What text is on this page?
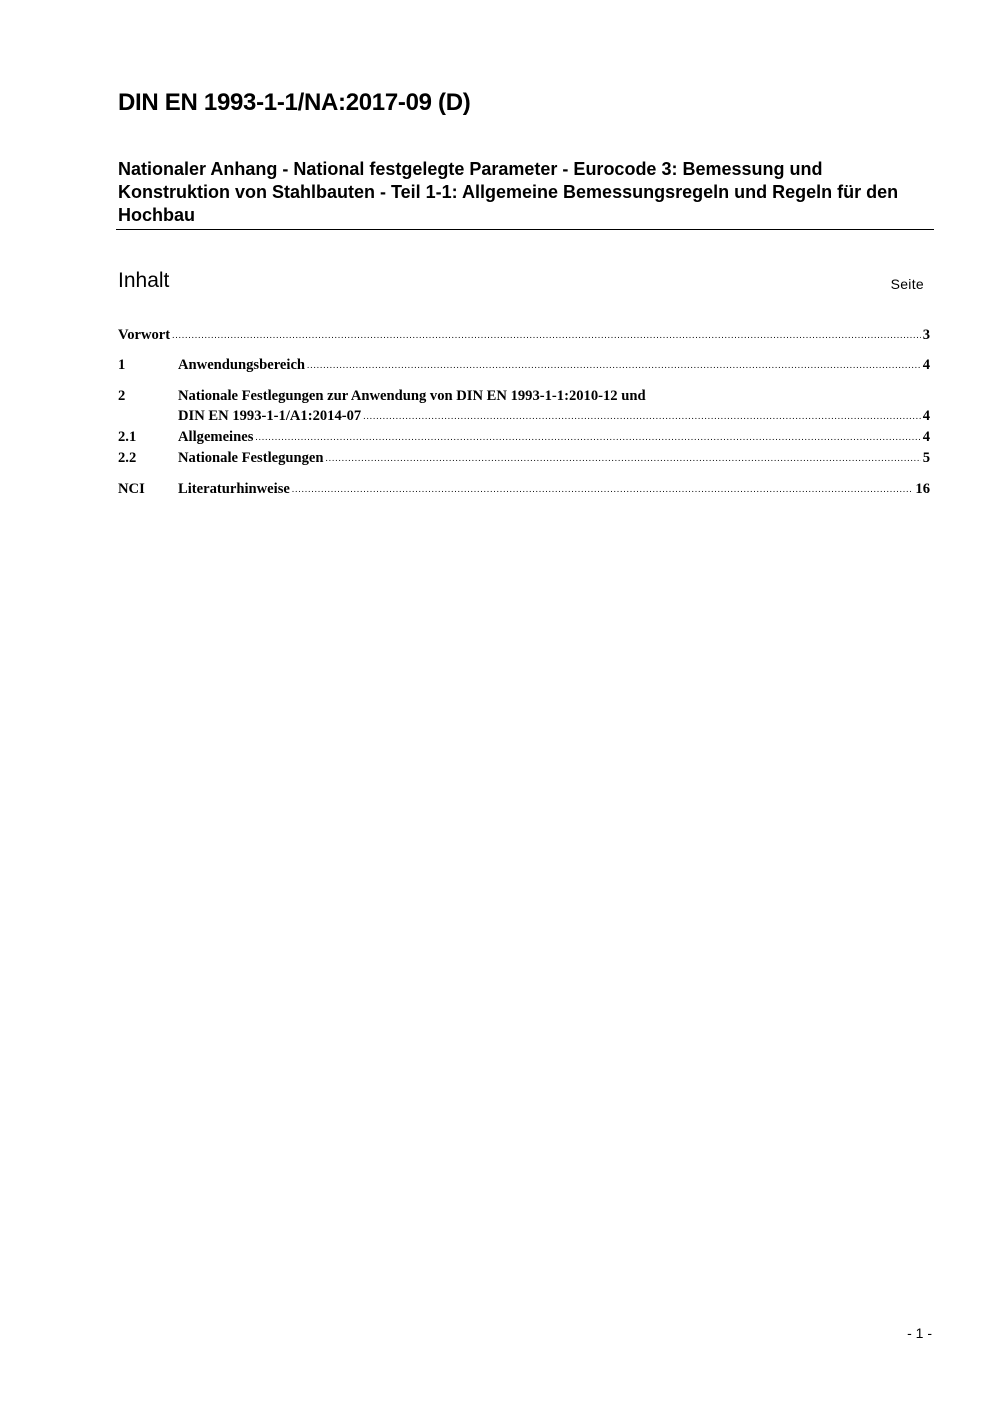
DIN EN 1993-1-1/NA:2017-09 (D)
Nationaler Anhang - National festgelegte Parameter - Eurocode 3: Bemessung und Konstruktion von Stahlbauten - Teil 1-1: Allgemeine Bemessungsregeln und Regeln für den Hochbau
Inhalt	Seite
Vorwort .....	3
1	Anwendungsbereich .....	4
2	Nationale Festlegungen zur Anwendung von DIN EN 1993-1-1:2010-12 und
DIN EN 1993-1-1/A1:2014-07 .....	4
2.1	Allgemeines .....	4
2.2	Nationale Festlegungen .....	5
NCI	Literaturhinweise .....	16
- 1 -
